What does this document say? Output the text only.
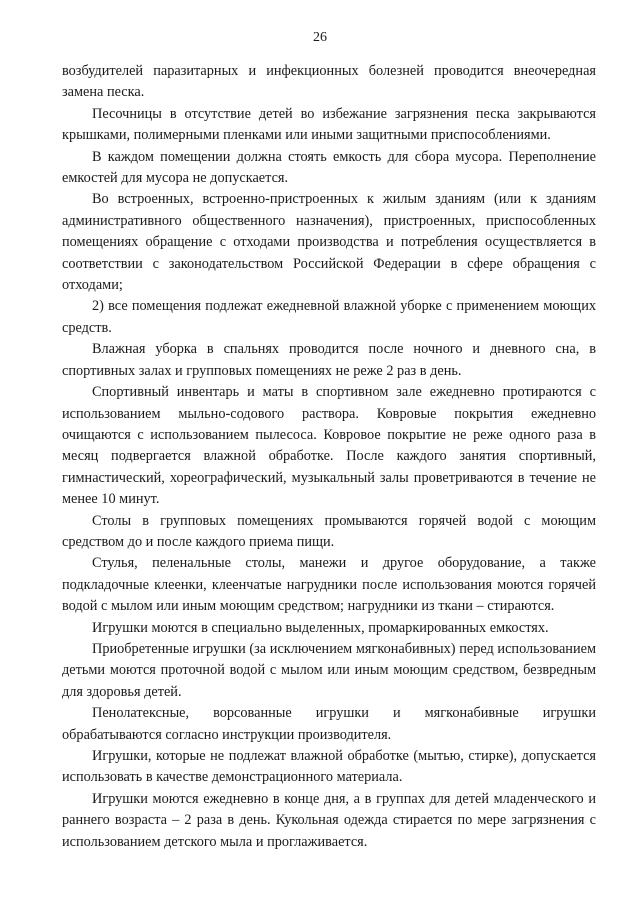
26

возбудителей паразитарных и инфекционных болезней проводится внеочередная замена песка.

Песочницы в отсутствие детей во избежание загрязнения песка закрываются крышками, полимерными пленками или иными защитными приспособлениями.

В каждом помещении должна стоять емкость для сбора мусора. Переполнение емкостей для мусора не допускается.

Во встроенных, встроенно-пристроенных к жилым зданиям (или к зданиям административного общественного назначения), пристроенных, приспособленных помещениях обращение с отходами производства и потребления осуществляется в соответствии с законодательством Российской Федерации в сфере обращения с отходами;

2) все помещения подлежат ежедневной влажной уборке с применением моющих средств.

Влажная уборка в спальнях проводится после ночного и дневного сна, в спортивных залах и групповых помещениях не реже 2 раз в день.

Спортивный инвентарь и маты в спортивном зале ежедневно протираются с использованием мыльно-содового раствора. Ковровые покрытия ежедневно очищаются с использованием пылесоса. Ковровое покрытие не реже одного раза в месяц подвергается влажной обработке. После каждого занятия спортивный, гимнастический, хореографический, музыкальный залы проветриваются в течение не менее 10 минут.

Столы в групповых помещениях промываются горячей водой с моющим средством до и после каждого приема пищи.

Стулья, пеленальные столы, манежи и другое оборудование, а также подкладочные клеенки, клеенчатые нагрудники после использования моются горячей водой с мылом или иным моющим средством; нагрудники из ткани – стираются.

Игрушки моются в специально выделенных, промаркированных емкостях.

Приобретенные игрушки (за исключением мягконабивных) перед использованием детьми моются проточной водой с мылом или иным моющим средством, безвредным для здоровья детей.

Пенолатексные, ворсованные игрушки и мягконабивные игрушки обрабатываются согласно инструкции производителя.

Игрушки, которые не подлежат влажной обработке (мытью, стирке), допускается использовать в качестве демонстрационного материала.

Игрушки моются ежедневно в конце дня, а в группах для детей младенческого и раннего возраста – 2 раза в день. Кукольная одежда стирается по мере загрязнения с использованием детского мыла и проглаживается.
